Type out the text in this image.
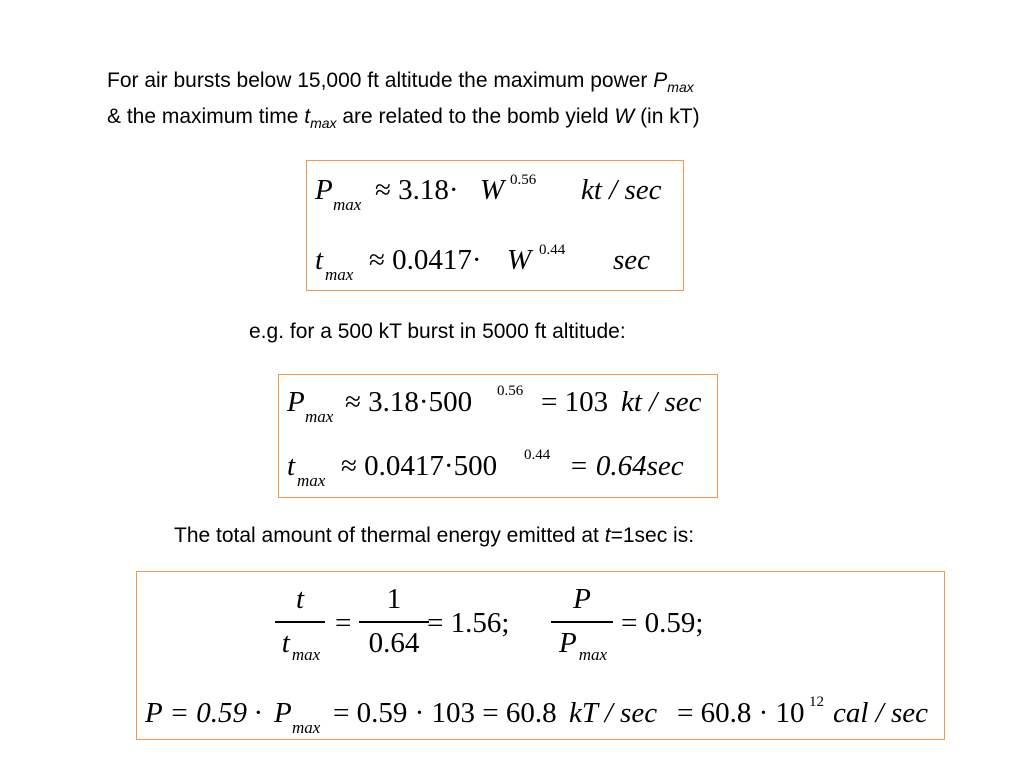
For air bursts below 15,000 ft altitude the maximum power $P_{max}$
& the maximum time $t_{max}$ are related to the bomb yield W (in kT)
P max ≈ 3.18· W 0.56 kt / sec
t max ≈ 0.0417· W 0.44 sec
e.g. for a 500 kT burst in 5000 ft altitude:
P max ≈ 3.18·500 0.56 = 103 kt / sec
t max ≈ 0.0417·500 0.44 = 0.64sec
The total amount of thermal energy emitted at t=1sec is:
t
t $_{max}$
=
1
0.64
= 1.56;
P
P $_{max}$
= 0.59;
P = 0.59 · P max = 0.59 · 103 = 60.8 kT / sec = 60.8 · 10 12 cal / sec
